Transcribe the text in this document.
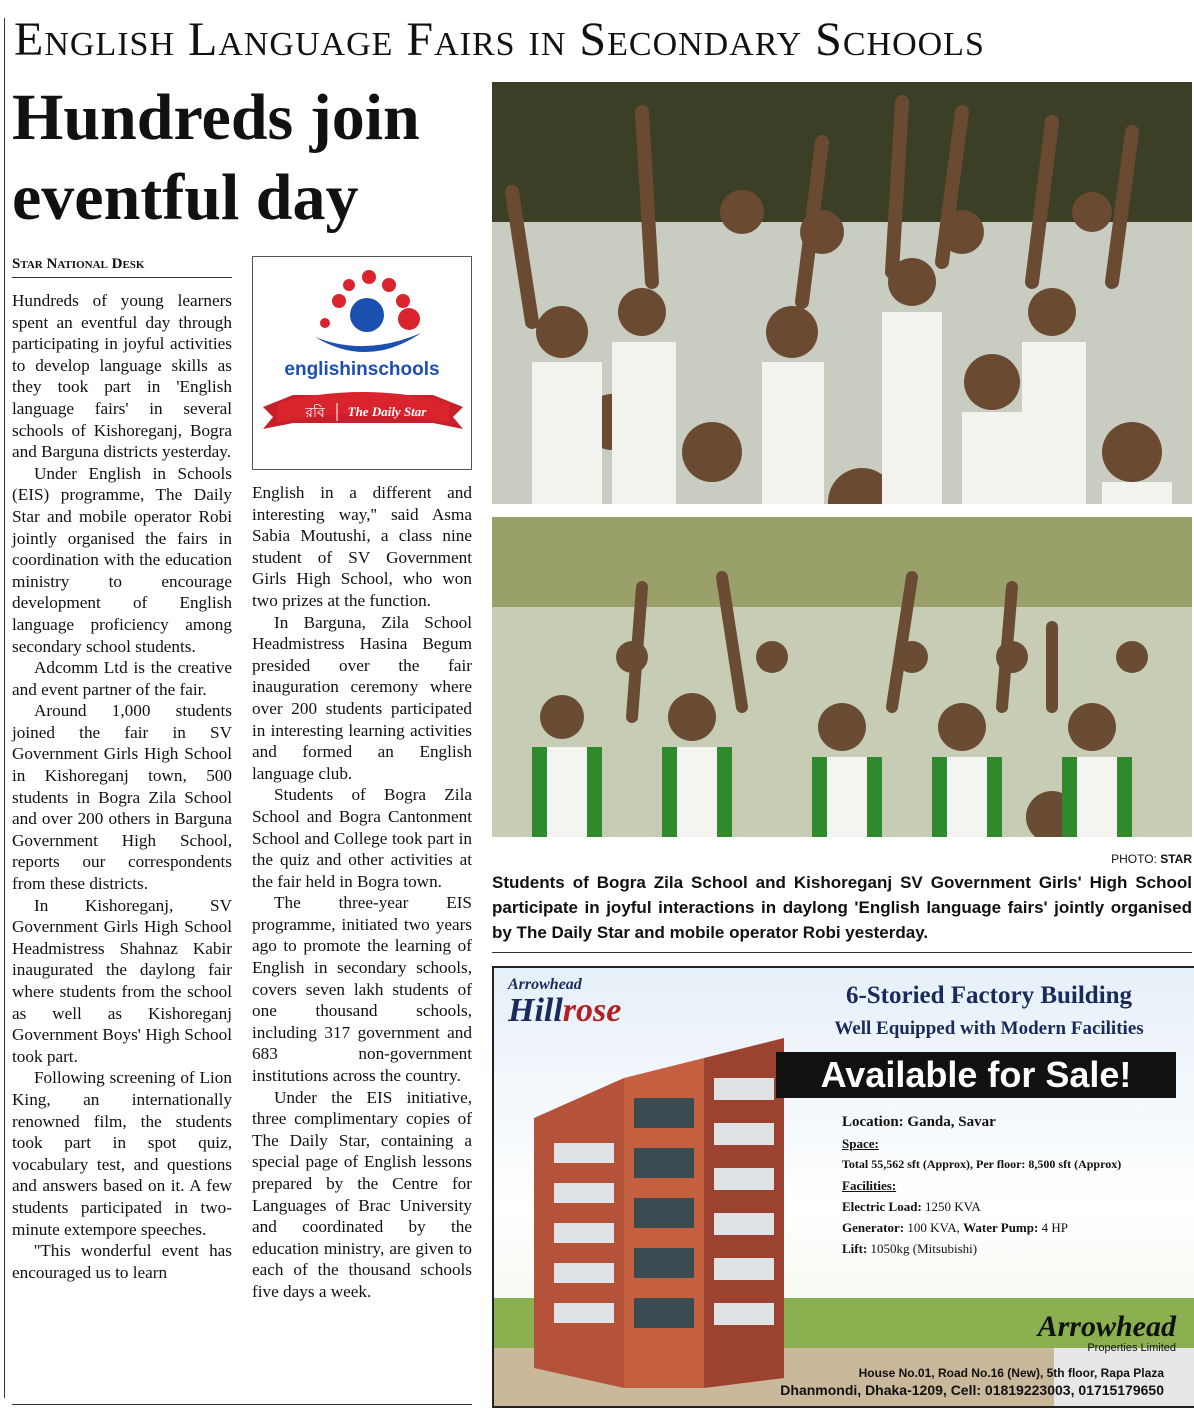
English Language Fairs in Secondary Schools
Hundreds join eventful day
Star National Desk

Hundreds of young learners spent an eventful day through participating in joyful activities to develop language skills as they took part in 'English language fairs' in several schools of Kishoreganj, Bogra and Barguna districts yesterday.

Under English in Schools (EIS) programme, The Daily Star and mobile operator Robi jointly organised the fairs in coordination with the education ministry to encourage development of English language proficiency among secondary school students.

Adcomm Ltd is the creative and event partner of the fair.

Around 1,000 students joined the fair in SV Government Girls High School in Kishoreganj town, 500 students in Bogra Zila School and over 200 others in Barguna Government High School, reports our correspondents from these districts.

In Kishoreganj, SV Government Girls High School Headmistress Shahnaz Kabir inaugurated the daylong fair where students from the school as well as Kishoreganj Government Boys' High School took part.

Following screening of Lion King, an internationally renowned film, the students took part in spot quiz, vocabulary test, and questions and answers based on it. A few students participated in two-minute extempore speeches.

''This wonderful event has encouraged us to learn

englishinschools
রবি The Daily Star

English in a different and interesting way,'' said Asma Sabia Moutushi, a class nine student of SV Government Girls High School, who won two prizes at the function.

In Barguna, Zila School Headmistress Hasina Begum presided over the fair inauguration ceremony where over 200 students participated in interesting learning activities and formed an English language club.

Students of Bogra Zila School and Bogra Cantonment School and College took part in the quiz and other activities at the fair held in Bogra town.

The three-year EIS programme, initiated two years ago to promote the learning of English in secondary schools, covers seven lakh students of one thousand schools, including 317 government and 683 non-government institutions across the country.

Under the EIS initiative, three complimentary copies of The Daily Star, containing a special page of English lessons prepared by the Centre for Languages of Brac University and coordinated by the education ministry, are given to each of the thousand schools five days a week.

PHOTO: STAR
Students of Bogra Zila School and Kishoreganj SV Government Girls' High School participate in joyful interactions in daylong 'English language fairs' jointly organised by The Daily Star and mobile operator Robi yesterday.
Arrowhead
Hillrose	6-Storied Factory Building
Well Equipped with Modern Facilities
Available for Sale!
Location: Ganda, Savar
Space:
Total 55,562 sft (Approx), Per floor: 8,500 sft (Approx)
Facilities:
Electric Load: 1250 KVA
Generator: 100 KVA, Water Pump: 4 HP
Lift: 1050kg (Mitsubishi)
Arrowhead
Properties Limited
House No.01, Road No.16 (New), 5th floor, Rapa Plaza
Dhanmondi, Dhaka-1209, Cell: 01819223003, 01715179650
